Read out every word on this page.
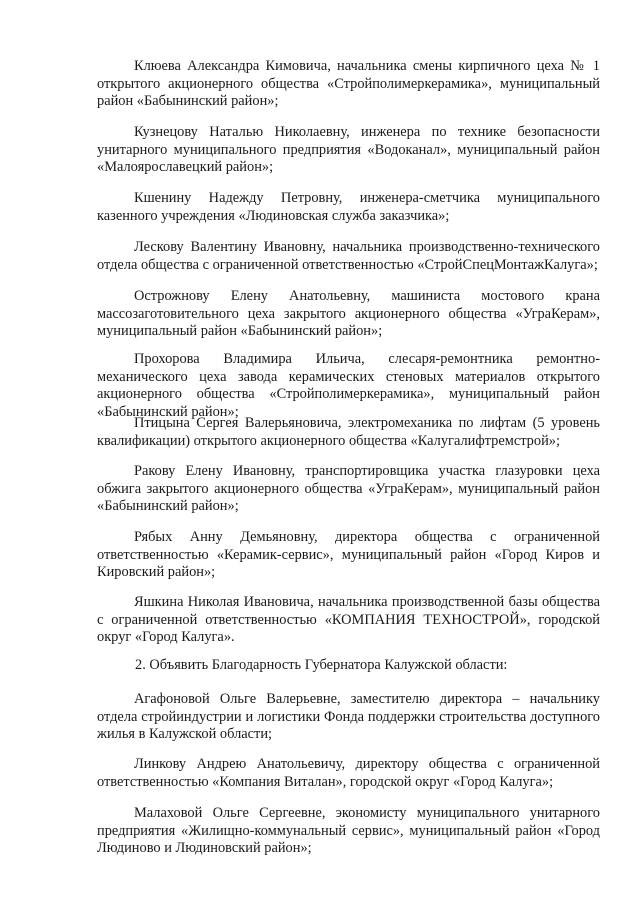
Клюева Александра Кимовича, начальника смены кирпичного цеха № 1 открытого акционерного общества «Стройполимеркерамика», муниципальный район «Бабынинский район»;

Кузнецову Наталью Николаевну, инженера по технике безопасности унитарного муниципального предприятия «Водоканал», муниципальный район «Малоярославецкий район»;

Кшенину Надежду Петровну, инженера-сметчика муниципального казенного учреждения «Людиновская служба заказчика»;

Лескову Валентину Ивановну, начальника производственно-технического отдела общества с ограниченной ответственностью «СтройСпецМонтажКалуга»;

Острожнову Елену Анатольевну, машиниста мостового крана массозаготовительного цеха закрытого акционерного общества «УграКерам», муниципальный район «Бабынинский район»;

Прохорова Владимира Ильича, слесаря-ремонтника ремонтно-механического цеха завода керамических стеновых материалов открытого акционерного общества «Стройполимеркерамика», муниципальный район «Бабынинский район»;

Птицына Сергея Валерьяновича, электромеханика по лифтам (5 уровень квалификации) открытого акционерного общества «Калугалифтремстрой»;

Ракову Елену Ивановну, транспортировщика участка глазуровки цеха обжига закрытого акционерного общества «УграКерам», муниципальный район «Бабынинский район»;

Рябых Анну Демьяновну, директора общества с ограниченной ответственностью «Керамик-сервис», муниципальный район «Город Киров и Кировский район»;

Яшкина Николая Ивановича, начальника производственной базы общества с ограниченной ответственностью «КОМПАНИЯ ТЕХНОСТРОЙ», городской округ «Город Калуга».

2. Объявить Благодарность Губернатора Калужской области:

Агафоновой Ольге Валерьевне, заместителю директора – начальнику отдела стройиндустрии и логистики Фонда поддержки строительства доступного жилья в Калужской области;

Линкову Андрею Анатольевичу, директору общества с ограниченной ответственностью «Компания Виталан», городской округ «Город Калуга»;

Малаховой Ольге Сергеевне, экономисту муниципального унитарного предприятия «Жилищно-коммунальный сервис», муниципальный район «Город Людиново и Людиновский район»;
